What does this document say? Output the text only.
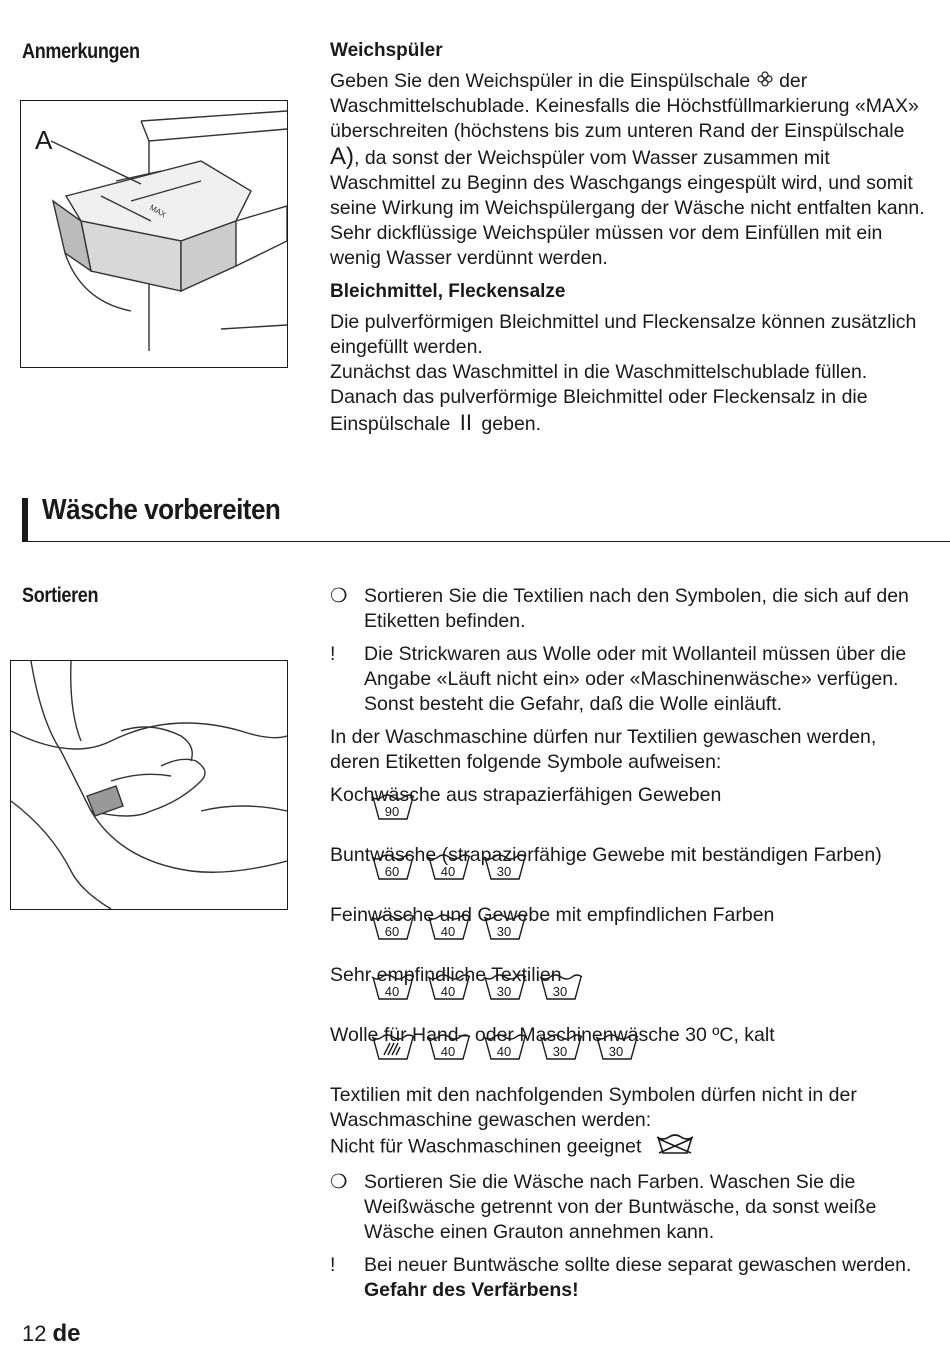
Anmerkungen
MAX
A
Weichspüler

Geben Sie den Weichspüler in die Einspülschale der Waschmittelschublade. Keinesfalls die Höchstfüllmarkierung «MAX» überschreiten (höchstens bis zum unteren Rand der Einspülschale A), da sonst der Weichspüler vom Wasser zusammen mit Waschmittel zu Beginn des Waschgangs eingespült wird, und somit seine Wirkung im Weichspülergang der Wäsche nicht entfalten kann. Sehr dickflüssige Weichspüler müssen vor dem Einfüllen mit ein wenig Wasser verdünnt werden.

Bleichmittel, Fleckensalze

Die pulverförmigen Bleichmittel und Fleckensalze können zusätzlich eingefüllt werden.

Zunächst das Waschmittel in die Waschmittelschublade füllen.

Danach das pulverförmige Bleichmittel oder Fleckensalz in die Einspülschale II geben.

Wäsche vorbereiten
Sortieren	❍ Sortieren Sie die Textilien nach den Symbolen, die sich auf den Etiketten befinden.
!	Die Strickwaren aus Wolle oder mit Wollanteil müssen über die Angabe «Läuft nicht ein» oder «Maschinenwäsche» verfügen. Sonst besteht die Gefahr, daß die Wolle einläuft.

In der Waschmaschine dürfen nur Textilien gewaschen werden, deren Etiketten folgende Symbole aufweisen:

Kochwäsche aus strapazierfähigen Geweben
90
Buntwäsche (strapazierfähige Gewebe mit beständigen Farben)
60	40	30
Feinwäsche und Gewebe mit empfindlichen Farben
60	40	30
Sehr empfindliche Textilien
40	40	30	30
Wolle für Hand– oder Maschinenwäsche 30 ºC, kalt
40	40	30	30

Textilien mit den nachfolgenden Symbolen dürfen nicht in der Waschmaschine gewaschen werden:

Nicht für Waschmaschinen geeignet

❍ Sortieren Sie die Wäsche nach Farben. Waschen Sie die Weißwäsche getrennt von der Buntwäsche, da sonst weiße Wäsche einen Grauton annehmen kann.
!	Bei neuer Buntwäsche sollte diese separat gewaschen werden. Gefahr des Verfärbens!
12 de
